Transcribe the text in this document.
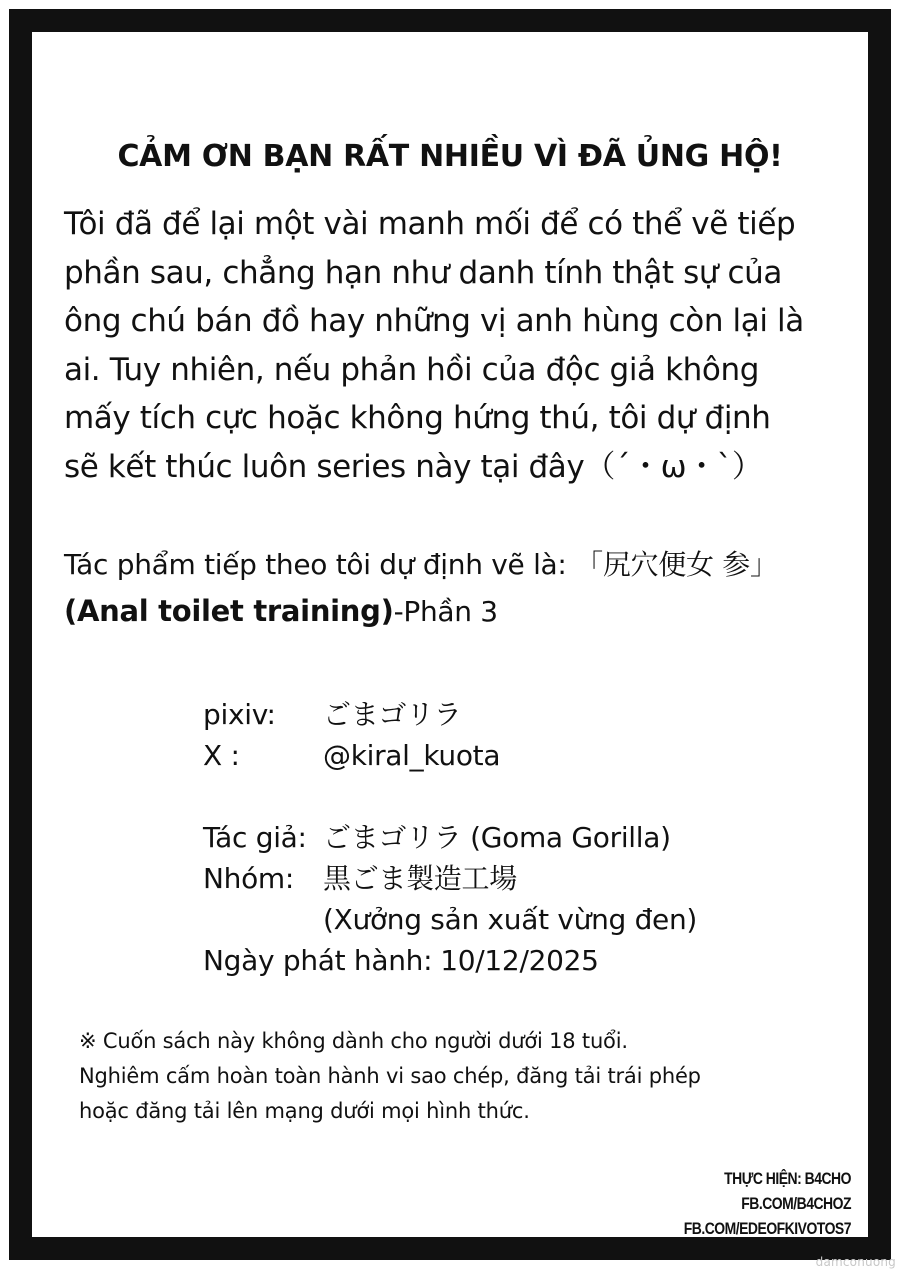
CẢM ƠN BẠN RẤT NHIỀU VÌ ĐÃ ỦNG HỘ!

Tôi đã để lại một vài manh mối để có thể vẽ tiếp

phần sau, chẳng hạn như danh tính thật sự của

ông chú bán đồ hay những vị anh hùng còn lại là

ai. Tuy nhiên, nếu phản hồi của độc giả không

mấy tích cực hoặc không hứng thú, tôi dự định

sẽ kết thúc luôn series này tại đây（´・ω・`）

Tác phẩm tiếp theo tôi dự định vẽ là: 「尻穴便女 参」
(Anal toilet training)-Phần 3
pixiv:	ごまゴリラ
X :	@kiral_kuota
Tác giả: ごまゴリラ (Goma Gorilla)
Nhóm:	黒ごま製造工場
(Xưởng sản xuất vừng đen)
Ngày phát hành: 10/12/2025

※ Cuốn sách này không dành cho người dưới 18 tuổi.

Nghiêm cấm hoàn toàn hành vi sao chép, đăng tải trái phép

hoặc đăng tải lên mạng dưới mọi hình thức.

THỰC HIỆN: B4CHO
FB.COM/B4CHOZ
FB.COM/EDEOFKIVOTOS7
damconuong
